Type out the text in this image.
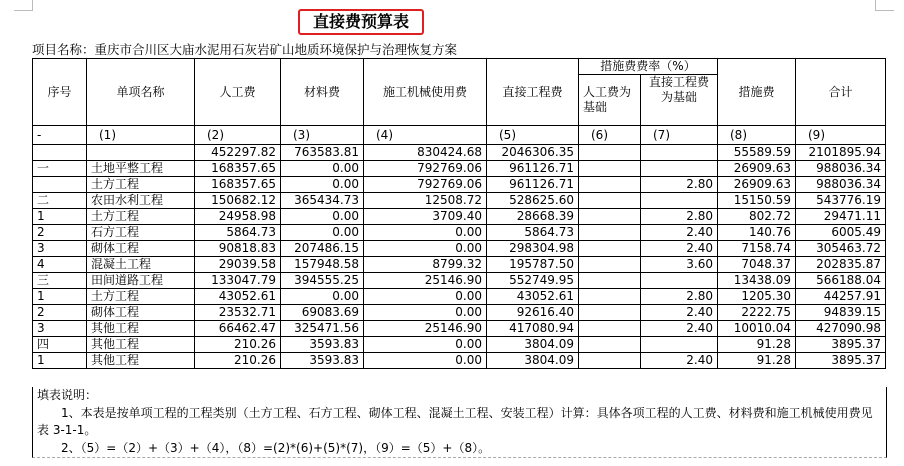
直接费预算表
项目名称：重庆市合川区大庙水泥用石灰岩矿山地质环境保护与治理恢复方案
序号	单项名称	人工费	材料费	施工机械使用费	直接工程费	措施费费率（%）		措施费	合计
						人工费为基础	直接工程费为基础		
-	(1)	(2)	(3)	(4)	(5)	(6)	(7)	(8)	(9)
		452297.82	763583.81	830424.68	2046306.35			55589.59	2101895.94
一	土地平整工程	168357.65	0.00	792769.06	961126.71			26909.63	988036.34
	土方工程	168357.65	0.00	792769.06	961126.71		2.80	26909.63	988036.34
二	农田水利工程	150682.12	365434.73	12508.72	528625.60			15150.59	543776.19
1	土方工程	24958.98	0.00	3709.40	28668.39		2.80	802.72	29471.11
2	石方工程	5864.73	0.00	0.00	5864.73		2.40	140.76	6005.49
3	砌体工程	90818.83	207486.15	0.00	298304.98		2.40	7158.74	305463.72
4	混凝土工程	29039.58	157948.58	8799.32	195787.50		3.60	7048.37	202835.87
三	田间道路工程	133047.79	394555.25	25146.90	552749.95			13438.09	566188.04
1	土方工程	43052.61	0.00	0.00	43052.61		2.80	1205.30	44257.91
2	砌体工程	23532.71	69083.69	0.00	92616.40		2.40	2222.75	94839.15
3	其他工程	66462.47	325471.56	25146.90	417080.94		2.40	10010.04	427090.98
四	其他工程	210.26	3593.83	0.00	3804.09			91.28	3895.37
1	其他工程	210.26	3593.83	0.00	3804.09		2.40	91.28	3895.37
填表说明：
1、本表是按单项工程的工程类别（土方工程、石方工程、砌体工程、混凝土工程、安装工程）计算：具体各项工程的人工费、材料费和施工机械使用费见表 3-1-1。
2、（5）=（2）+（3）+（4），（8）=(2)*(6)+(5)*(7)，（9）=（5）+（8）。
